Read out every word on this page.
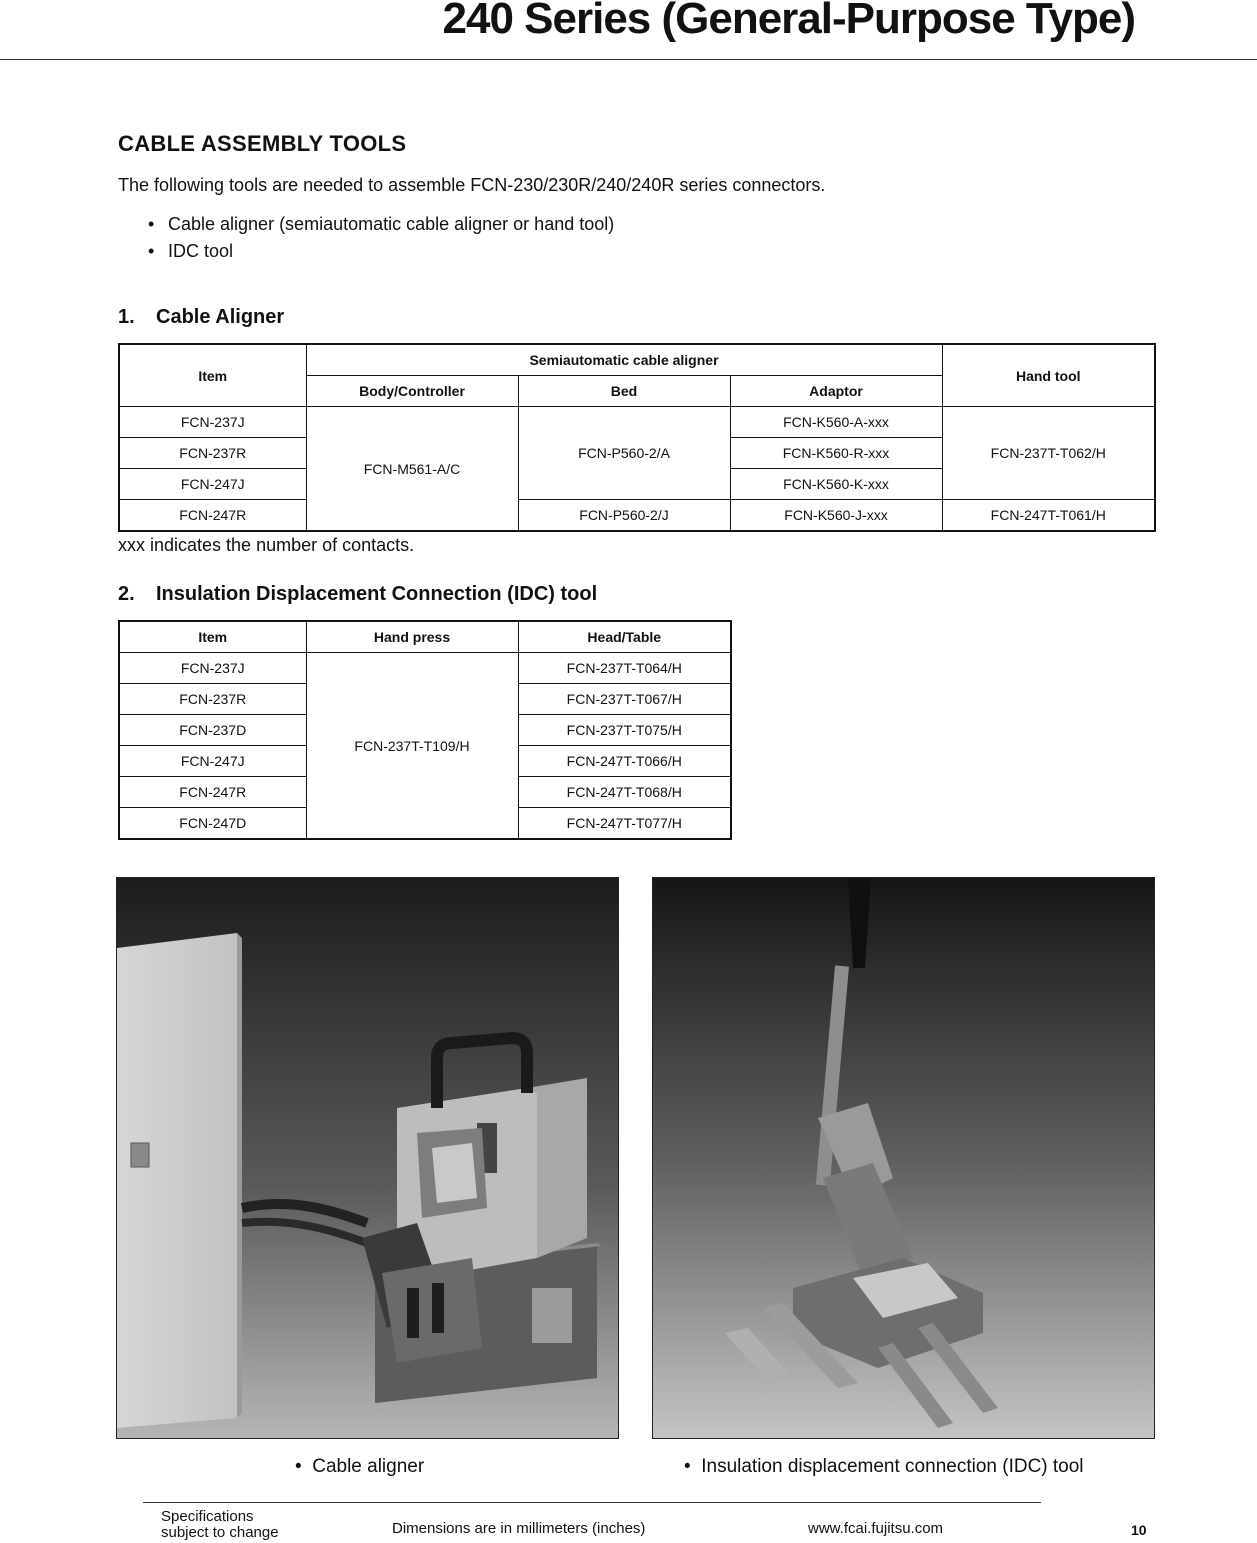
240 Series (General-Purpose Type)
CABLE ASSEMBLY TOOLS
The following tools are needed to assemble FCN-230/230R/240/240R series connectors.
• Cable aligner (semiautomatic cable aligner or hand tool)
• IDC tool
1. Cable Aligner
Item	Semiautomatic cable aligner			Hand tool
	Body/Controller	Bed	Adaptor	
FCN-237J	FCN-M561-A/C	FCN-P560-2/A	FCN-K560-A-xxx	FCN-237T-T062/H
FCN-237R			FCN-K560-R-xxx	
FCN-247J			FCN-K560-K-xxx	
FCN-247R		FCN-P560-2/J	FCN-K560-J-xxx	FCN-247T-T061/H
xxx indicates the number of contacts.
2. Insulation Displacement Connection (IDC) tool
Item	Hand press	Head/Table
FCN-237J	FCN-237T-T109/H	FCN-237T-T064/H
FCN-237R		FCN-237T-T067/H
FCN-237D		FCN-237T-T075/H
FCN-247J		FCN-247T-T066/H
FCN-247R		FCN-247T-T068/H
FCN-247D		FCN-247T-T077/H
• Cable aligner	• Insulation displacement connection (IDC) tool
Specifications
subject to change	Dimensions are in millimeters (inches)	www.fcai.fujitsu.com	10
